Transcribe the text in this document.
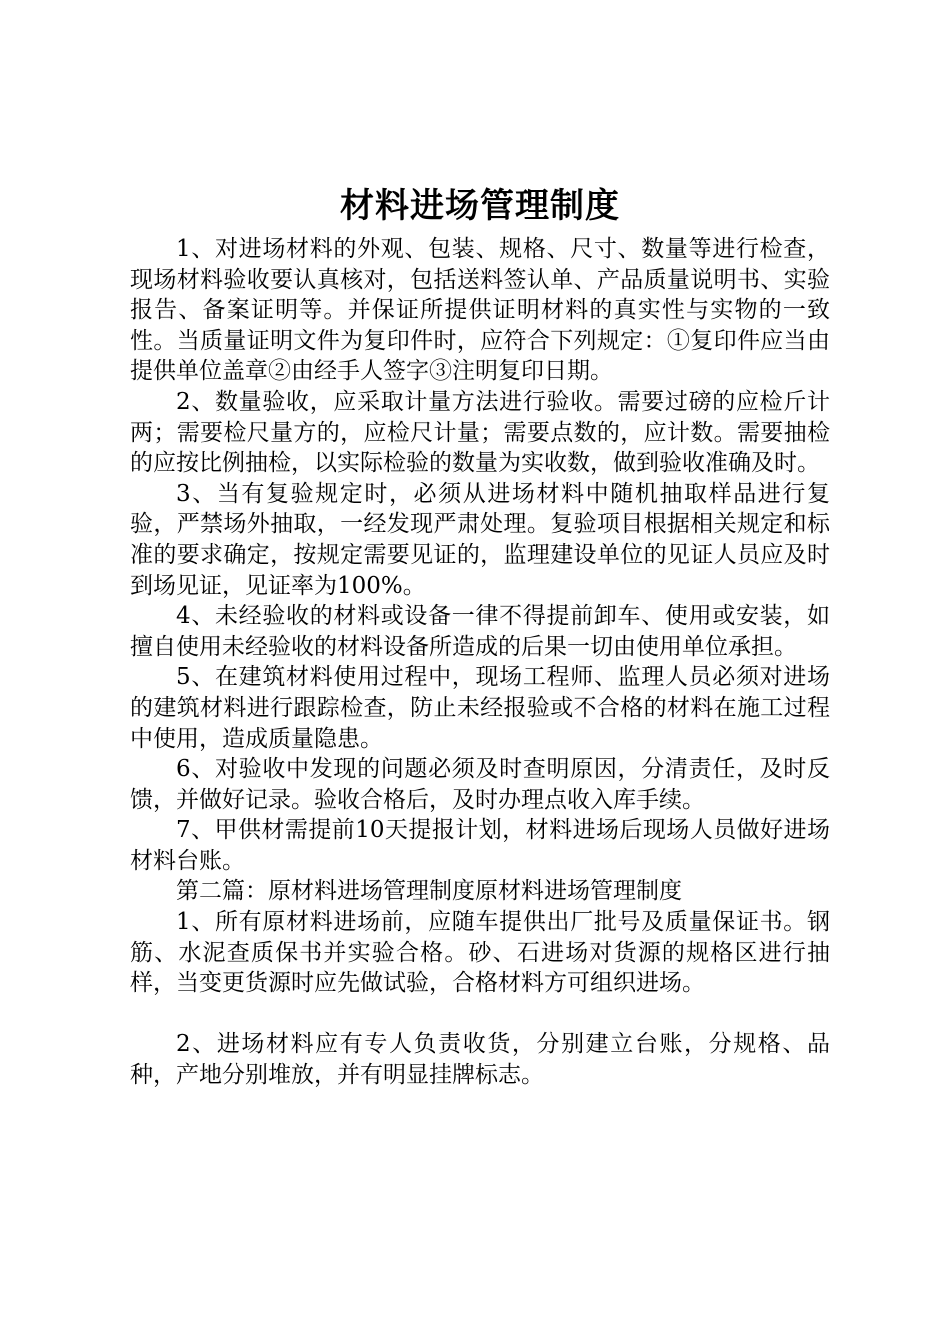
材料进场管理制度

1、对进场材料的外观、包装、规格、尺寸、数量等进行检查，现场材料验收要认真核对，包括送料签认单、产品质量说明书、实验报告、备案证明等。并保证所提供证明材料的真实性与实物的一致性。当质量证明文件为复印件时，应符合下列规定：①复印件应当由提供单位盖章②由经手人签字③注明复印日期。

2、数量验收，应采取计量方法进行验收。需要过磅的应检斤计两；需要检尺量方的，应检尺计量；需要点数的，应计数。需要抽检的应按比例抽检，以实际检验的数量为实收数，做到验收准确及时。

3、当有复验规定时，必须从进场材料中随机抽取样品进行复验，严禁场外抽取，一经发现严肃处理。复验项目根据相关规定和标准的要求确定，按规定需要见证的，监理建设单位的见证人员应及时到场见证，见证率为100%。

4、未经验收的材料或设备一律不得提前卸车、使用或安装，如擅自使用未经验收的材料设备所造成的后果一切由使用单位承担。

5、在建筑材料使用过程中，现场工程师、监理人员必须对进场的建筑材料进行跟踪检查，防止未经报验或不合格的材料在施工过程中使用，造成质量隐患。

6、对验收中发现的问题必须及时查明原因，分清责任，及时反馈，并做好记录。验收合格后，及时办理点收入库手续。

7、甲供材需提前10天提报计划，材料进场后现场人员做好进场材料台账。

第二篇：原材料进场管理制度原材料进场管理制度

1、所有原材料进场前，应随车提供出厂批号及质量保证书。钢筋、水泥查质保书并实验合格。砂、石进场对货源的规格区进行抽样，当变更货源时应先做试验，合格材料方可组织进场。

2、进场材料应有专人负责收货，分别建立台账，分规格、品种，产地分别堆放，并有明显挂牌标志。
